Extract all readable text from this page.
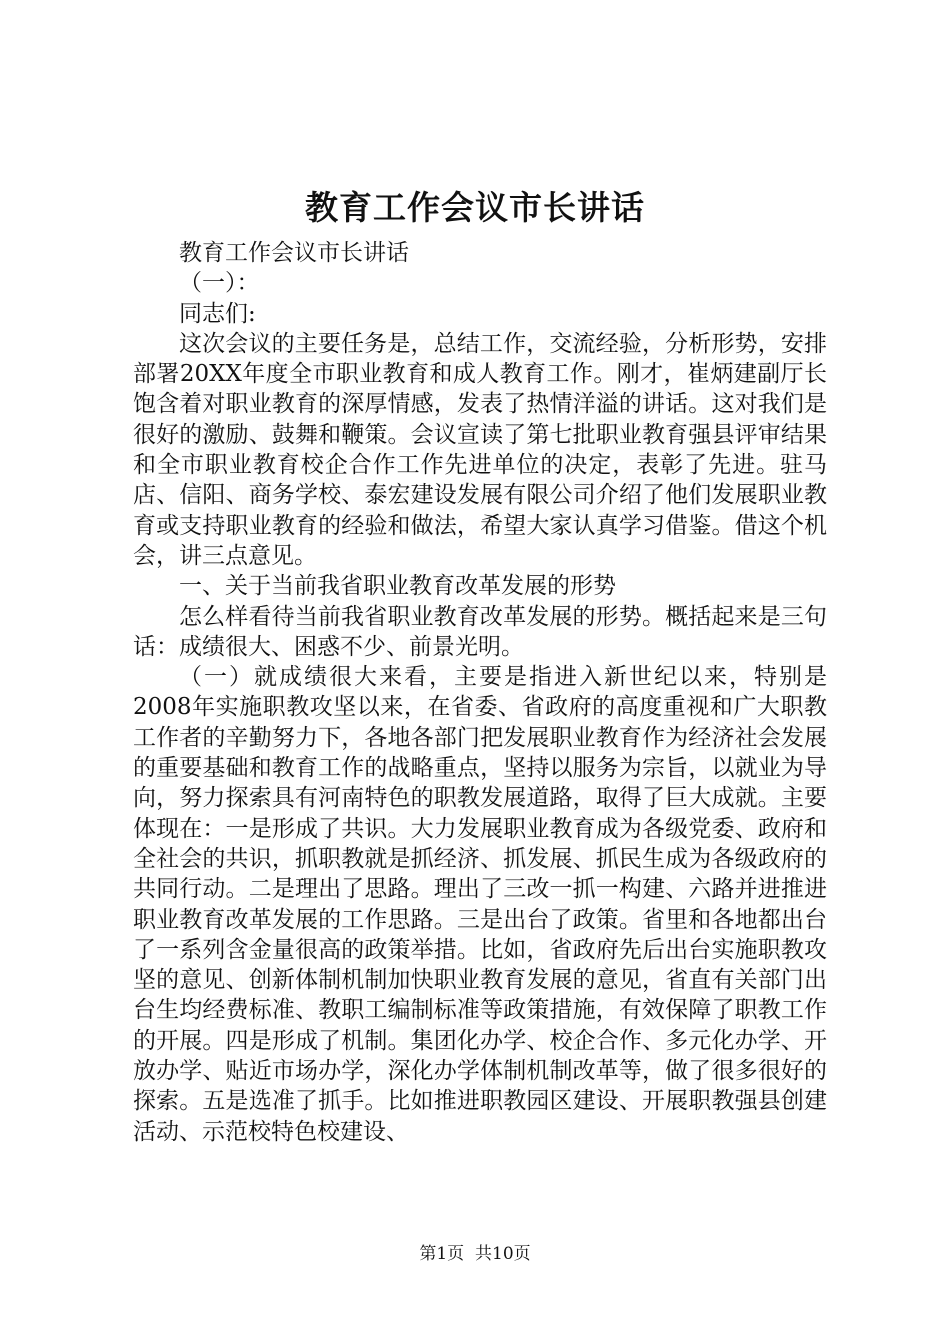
教育工作会议市长讲话

教育工作会议市长讲话

（一）：

同志们:

这次会议的主要任务是，总结工作，交流经验，分析形势，安排部署20XX年度全市职业教育和成人教育工作。刚才，崔炳建副厅长饱含着对职业教育的深厚情感，发表了热情洋溢的讲话。这对我们是很好的激励、鼓舞和鞭策。会议宣读了第七批职业教育强县评审结果和全市职业教育校企合作工作先进单位的决定，表彰了先进。驻马店、信阳、商务学校、泰宏建设发展有限公司介绍了他们发展职业教育或支持职业教育的经验和做法，希望大家认真学习借鉴。借这个机会，讲三点意见。

一、关于当前我省职业教育改革发展的形势

怎么样看待当前我省职业教育改革发展的形势。概括起来是三句话：成绩很大、困惑不少、前景光明。

（一）就成绩很大来看，主要是指进入新世纪以来，特别是2008年实施职教攻坚以来，在省委、省政府的高度重视和广大职教工作者的辛勤努力下，各地各部门把发展职业教育作为经济社会发展的重要基础和教育工作的战略重点，坚持以服务为宗旨，以就业为导向，努力探索具有河南特色的职教发展道路，取得了巨大成就。主要体现在：一是形成了共识。大力发展职业教育成为各级党委、政府和全社会的共识，抓职教就是抓经济、抓发展、抓民生成为各级政府的共同行动。二是理出了思路。理出了三改一抓一构建、六路并进推进职业教育改革发展的工作思路。三是出台了政策。省里和各地都出台了一系列含金量很高的政策举措。比如，省政府先后出台实施职教攻坚的意见、创新体制机制加快职业教育发展的意见，省直有关部门出台生均经费标准、教职工编制标准等政策措施，有效保障了职教工作的开展。四是形成了机制。集团化办学、校企合作、多元化办学、开放办学、贴近市场办学，深化办学体制机制改革等，做了很多很好的探索。五是选准了抓手。比如推进职教园区建设、开展职教强县创建活动、示范校特色校建设、

第1页 共10页
